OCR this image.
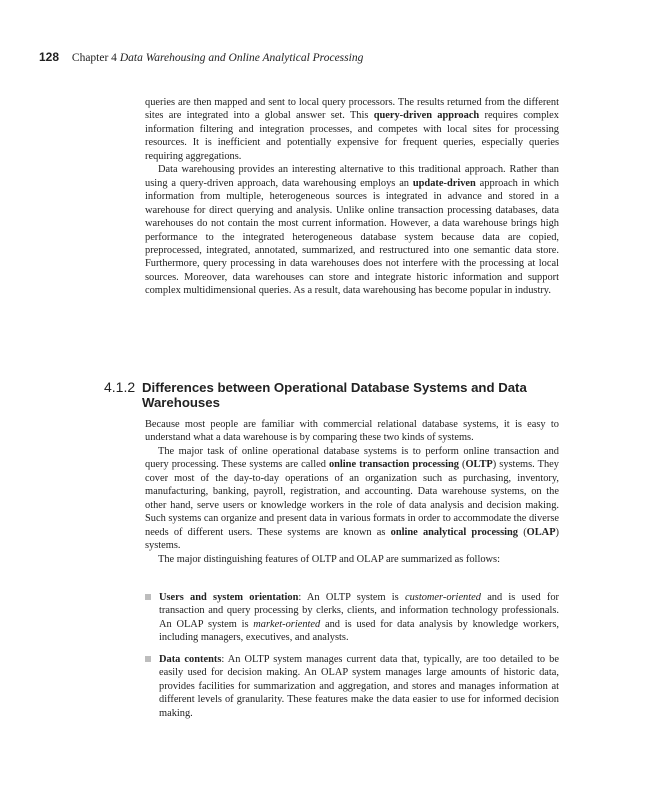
128 Chapter 4 Data Warehousing and Online Analytical Processing

queries are then mapped and sent to local query processors. The results returned from the different sites are integrated into a global answer set. This query-driven approach requires complex information filtering and integration processes, and competes with local sites for processing resources. It is inefficient and potentially expensive for frequent queries, especially queries requiring aggregations.

Data warehousing provides an interesting alternative to this traditional approach. Rather than using a query-driven approach, data warehousing employs an update-driven approach in which information from multiple, heterogeneous sources is integrated in advance and stored in a warehouse for direct querying and analysis. Unlike online transaction processing databases, data warehouses do not contain the most current information. However, a data warehouse brings high performance to the integrated heterogeneous database system because data are copied, preprocessed, integrated, annotated, summarized, and restructured into one semantic data store. Furthermore, query processing in data warehouses does not interfere with the processing at local sources. Moreover, data warehouses can store and integrate historic information and support complex multidimensional queries. As a result, data warehousing has become popular in industry.

4.1.2 Differences between Operational Database Systems and Data Warehouses

Because most people are familiar with commercial relational database systems, it is easy to understand what a data warehouse is by comparing these two kinds of systems.

The major task of online operational database systems is to perform online transaction and query processing. These systems are called online transaction processing (OLTP) systems. They cover most of the day-to-day operations of an organization such as purchasing, inventory, manufacturing, banking, payroll, registration, and accounting. Data warehouse systems, on the other hand, serve users or knowledge workers in the role of data analysis and decision making. Such systems can organize and present data in various formats in order to accommodate the diverse needs of different users. These systems are known as online analytical processing (OLAP) systems.

The major distinguishing features of OLTP and OLAP are summarized as follows:

Users and system orientation: An OLTP system is customer-oriented and is used for transaction and query processing by clerks, clients, and information technology professionals. An OLAP system is market-oriented and is used for data analysis by knowledge workers, including managers, executives, and analysts.
Data contents: An OLTP system manages current data that, typically, are too detailed to be easily used for decision making. An OLAP system manages large amounts of historic data, provides facilities for summarization and aggregation, and stores and manages information at different levels of granularity. These features make the data easier to use for informed decision making.
